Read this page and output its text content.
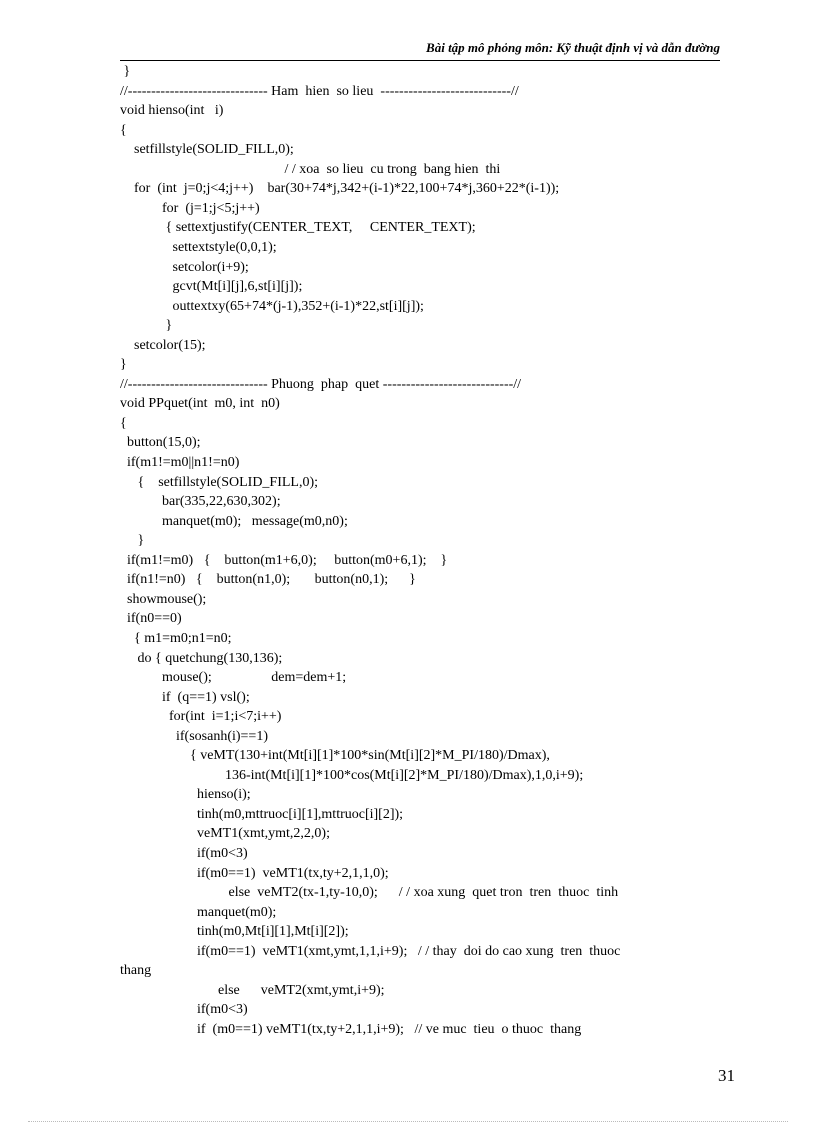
Bài tập mô phỏng môn: Kỹ thuật định vị và dẫn đường
}
//------------------------------ Ham  hien  so lieu  ----------------------------//
void hienso(int   i)
{
setfillstyle(SOLID_FILL,0);
/ / xoa  so lieu  cu trong  bang hien  thi
for  (int  j=0;j<4;j++)    bar(30+74*j,342+(i-1)*22,100+74*j,360+22*(i-1));
for  (j=1;j<5;j++)
{ settextjustify(CENTER_TEXT,     CENTER_TEXT);
settextstyle(0,0,1);
setcolor(i+9);
gcvt(Mt[i][j],6,st[i][j]);
outtextxy(65+74*(j-1),352+(i-1)*22,st[i][j]);
}
setcolor(15);
}
//------------------------------ Phuong  phap  quet ----------------------------//
void PPquet(int  m0, int  n0)
{
button(15,0);
if(m1!=m0||n1!=n0)
{    setfillstyle(SOLID_FILL,0);
bar(335,22,630,302);
manquet(m0);   message(m0,n0);
}
if(m1!=m0)   {    button(m1+6,0);     button(m0+6,1);    }
if(n1!=n0)   {    button(n1,0);       button(n0,1);      }
showmouse();
if(n0==0)
{ m1=m0;n1=n0;
do { quetchung(130,136);
mouse();                 dem=dem+1;
if  (q==1) vsl();
for(int  i=1;i<7;i++)
if(sosanh(i)==1)
{ veMT(130+int(Mt[i][1]*100*sin(Mt[i][2]*M_PI/180)/Dmax),
136-int(Mt[i][1]*100*cos(Mt[i][2]*M_PI/180)/Dmax),1,0,i+9);
hienso(i);
tinh(m0,mttruoc[i][1],mttruoc[i][2]);
veMT1(xmt,ymt,2,2,0);
if(m0<3)
if(m0==1)  veMT1(tx,ty+2,1,1,0);
else  veMT2(tx-1,ty-10,0);      / / xoa xung  quet tron  tren  thuoc  tinh
manquet(m0);
tinh(m0,Mt[i][1],Mt[i][2]);
if(m0==1)  veMT1(xmt,ymt,1,1,i+9);   / / thay  doi do cao xung  tren  thuoc
thang
else      veMT2(xmt,ymt,i+9);
if(m0<3)
if  (m0==1) veMT1(tx,ty+2,1,1,i+9);   // ve muc  tieu  o thuoc  thang
31
